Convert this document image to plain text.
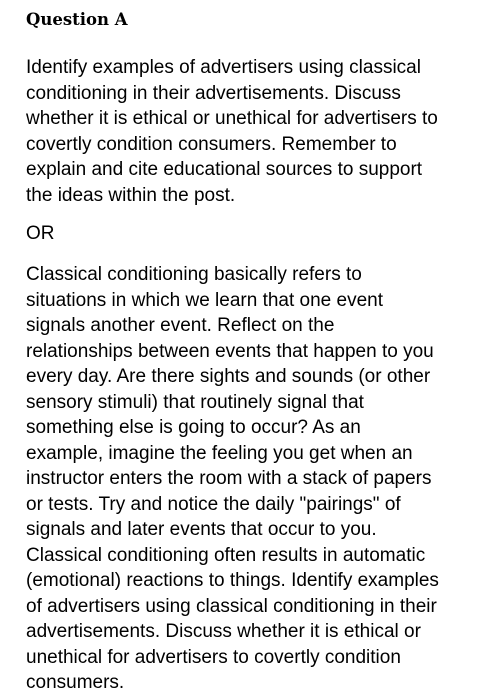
Question A
Identify examples of advertisers using classical
conditioning in their advertisements. Discuss
whether it is ethical or unethical for advertisers to
covertly condition consumers. Remember to
explain and cite educational sources to support
the ideas within the post.
OR
Classical conditioning basically refers to
situations in which we learn that one event
signals another event. Reflect on the
relationships between events that happen to you
every day. Are there sights and sounds (or other
sensory stimuli) that routinely signal that
something else is going to occur? As an
example, imagine the feeling you get when an
instructor enters the room with a stack of papers
or tests. Try and notice the daily "pairings" of
signals and later events that occur to you.
Classical conditioning often results in automatic
(emotional) reactions to things. Identify examples
of advertisers using classical conditioning in their
advertisements. Discuss whether it is ethical or
unethical for advertisers to covertly condition
consumers.
